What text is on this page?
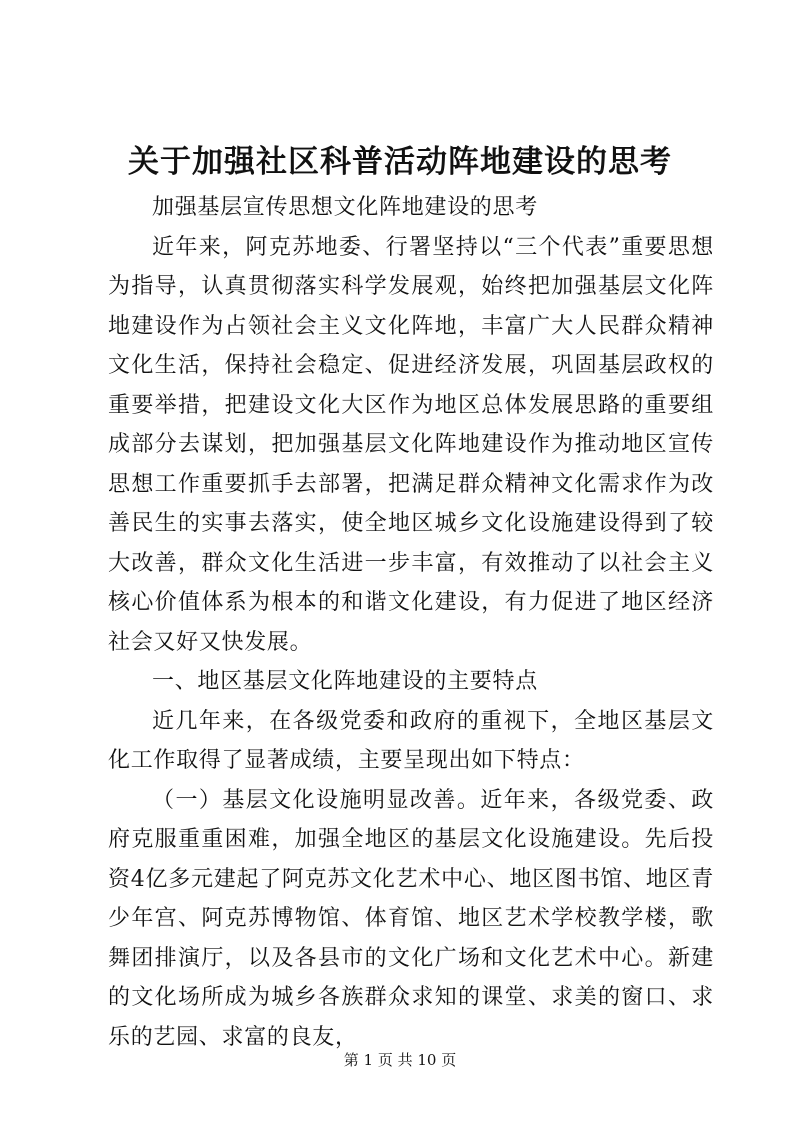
关于加强社区科普活动阵地建设的思考

加强基层宣传思想文化阵地建设的思考

近年来，阿克苏地委、行署坚持以“三个代表”重要思想为指导，认真贯彻落实科学发展观，始终把加强基层文化阵地建设作为占领社会主义文化阵地，丰富广大人民群众精神文化生活，保持社会稳定、促进经济发展，巩固基层政权的重要举措，把建设文化大区作为地区总体发展思路的重要组成部分去谋划，把加强基层文化阵地建设作为推动地区宣传思想工作重要抓手去部署，把满足群众精神文化需求作为改善民生的实事去落实，使全地区城乡文化设施建设得到了较大改善，群众文化生活进一步丰富，有效推动了以社会主义核心价值体系为根本的和谐文化建设，有力促进了地区经济社会又好又快发展。

一、地区基层文化阵地建设的主要特点

近几年来，在各级党委和政府的重视下，全地区基层文化工作取得了显著成绩，主要呈现出如下特点：

（一）基层文化设施明显改善。近年来，各级党委、政府克服重重困难，加强全地区的基层文化设施建设。先后投资4亿多元建起了阿克苏文化艺术中心、地区图书馆、地区青少年宫、阿克苏博物馆、体育馆、地区艺术学校教学楼，歌舞团排演厅，以及各县市的文化广场和文化艺术中心。新建的文化场所成为城乡各族群众求知的课堂、求美的窗口、求乐的艺园、求富的良友，

第 1 页 共 10 页
